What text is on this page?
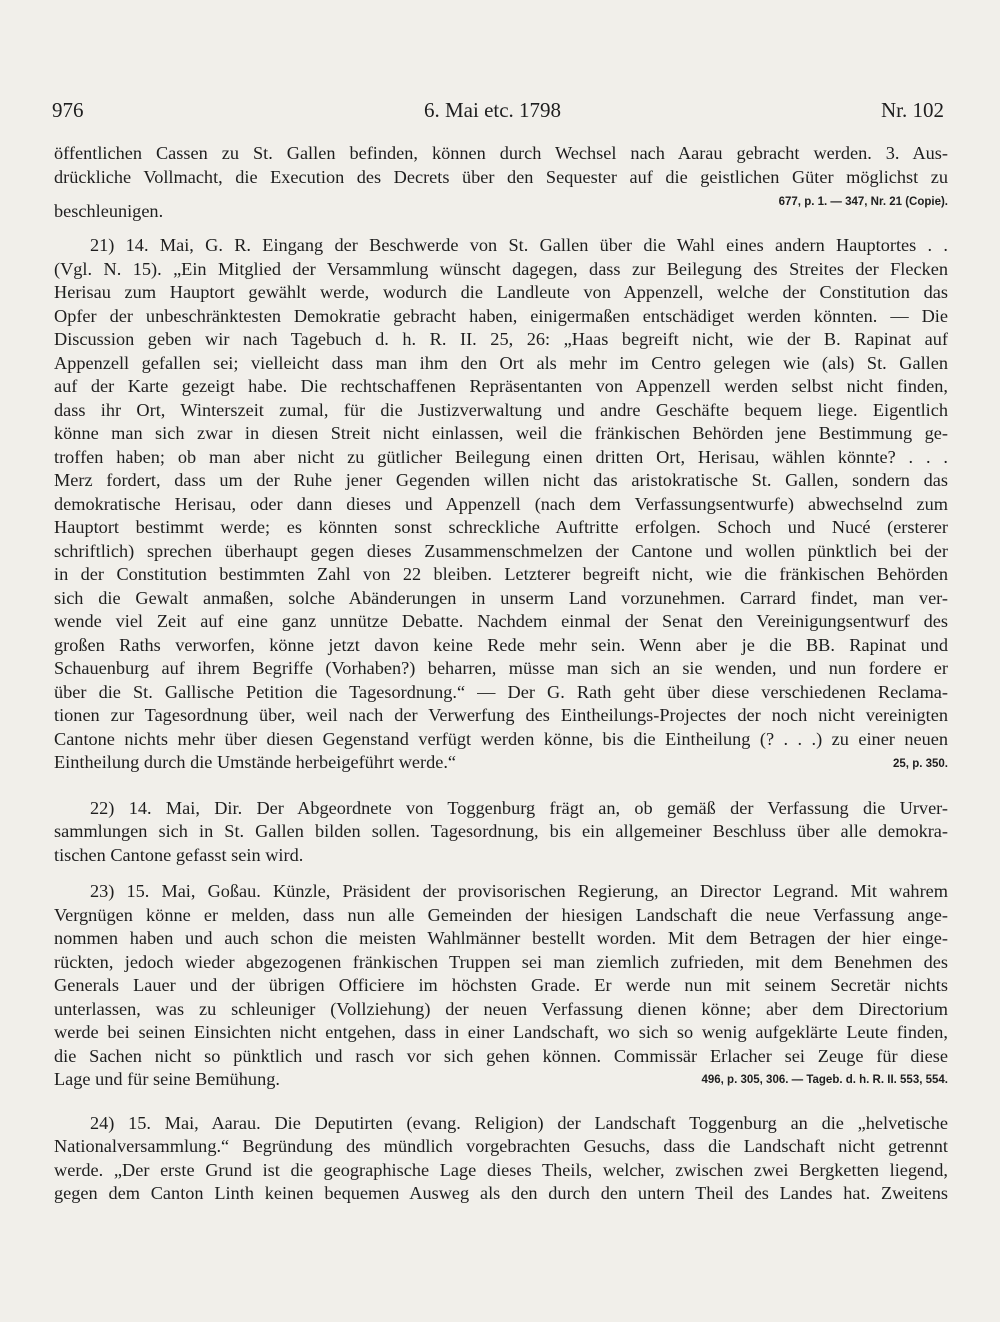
976	6. Mai etc. 1798	Nr. 102
öffentlichen Cassen zu St. Gallen befinden, können durch Wechsel nach Aarau gebracht werden. 3. Aus-
drückliche Vollmacht, die Execution des Decrets über den Sequester auf die geistlichen Güter möglichst zu
beschleunigen.	677, p. 1. — 347, Nr. 21 (Copie).
21) 14. Mai, G. R. Eingang der Beschwerde von St. Gallen über die Wahl eines andern Hauptortes . .
(Vgl. N. 15). „Ein Mitglied der Versammlung wünscht dagegen, dass zur Beilegung des Streites der Flecken
Herisau zum Hauptort gewählt werde, wodurch die Landleute von Appenzell, welche der Constitution das
Opfer der unbeschränktesten Demokratie gebracht haben, einigermaßen entschädiget werden könnten. — Die
Discussion geben wir nach Tagebuch d. h. R. II. 25, 26: „Haas begreift nicht, wie der B. Rapinat auf
Appenzell gefallen sei; vielleicht dass man ihm den Ort als mehr im Centro gelegen wie (als) St. Gallen
auf der Karte gezeigt habe. Die rechtschaffenen Repräsentanten von Appenzell werden selbst nicht finden,
dass ihr Ort, Winterszeit zumal, für die Justizverwaltung und andre Geschäfte bequem liege. Eigentlich
könne man sich zwar in diesen Streit nicht einlassen, weil die fränkischen Behörden jene Bestimmung ge-
troffen haben; ob man aber nicht zu gütlicher Beilegung einen dritten Ort, Herisau, wählen könnte? . . .
Merz fordert, dass um der Ruhe jener Gegenden willen nicht das aristokratische St. Gallen, sondern das
demokratische Herisau, oder dann dieses und Appenzell (nach dem Verfassungsentwurfe) abwechselnd zum
Hauptort bestimmt werde; es könnten sonst schreckliche Auftritte erfolgen. Schoch und Nucé (ersterer
schriftlich) sprechen überhaupt gegen dieses Zusammenschmelzen der Cantone und wollen pünktlich bei der
in der Constitution bestimmten Zahl von 22 bleiben. Letzterer begreift nicht, wie die fränkischen Behörden
sich die Gewalt anmaßen, solche Abänderungen in unserm Land vorzunehmen. Carrard findet, man ver-
wende viel Zeit auf eine ganz unnütze Debatte. Nachdem einmal der Senat den Vereinigungsentwurf des
großen Raths verworfen, könne jetzt davon keine Rede mehr sein. Wenn aber je die BB. Rapinat und
Schauenburg auf ihrem Begriffe (Vorhaben?) beharren, müsse man sich an sie wenden, und nun fordere er
über die St. Gallische Petition die Tagesordnung.“ — Der G. Rath geht über diese verschiedenen Reclama-
tionen zur Tagesordnung über, weil nach der Verwerfung des Eintheilungs-Projectes der noch nicht vereinigten
Cantone nichts mehr über diesen Gegenstand verfügt werden könne, bis die Eintheilung (? . . .) zu einer neuen
Eintheilung durch die Umstände herbeigeführt werde.“	25, p. 350.
22) 14. Mai, Dir. Der Abgeordnete von Toggenburg frägt an, ob gemäß der Verfassung die Urver-
sammlungen sich in St. Gallen bilden sollen. Tagesordnung, bis ein allgemeiner Beschluss über alle demokra-
tischen Cantone gefasst sein wird.
23) 15. Mai, Goßau. Künzle, Präsident der provisorischen Regierung, an Director Legrand. Mit wahrem
Vergnügen könne er melden, dass nun alle Gemeinden der hiesigen Landschaft die neue Verfassung ange-
nommen haben und auch schon die meisten Wahlmänner bestellt worden. Mit dem Betragen der hier einge-
rückten, jedoch wieder abgezogenen fränkischen Truppen sei man ziemlich zufrieden, mit dem Benehmen des
Generals Lauer und der übrigen Officiere im höchsten Grade. Er werde nun mit seinem Secretär nichts
unterlassen, was zu schleuniger (Vollziehung) der neuen Verfassung dienen könne; aber dem Directorium
werde bei seinen Einsichten nicht entgehen, dass in einer Landschaft, wo sich so wenig aufgeklärte Leute finden,
die Sachen nicht so pünktlich und rasch vor sich gehen können. Commissär Erlacher sei Zeuge für diese
Lage und für seine Bemühung.	496, p. 305, 306. — Tageb. d. h. R. II. 553, 554.
24) 15. Mai, Aarau. Die Deputirten (evang. Religion) der Landschaft Toggenburg an die „helvetische
Nationalversammlung.“ Begründung des mündlich vorgebrachten Gesuchs, dass die Landschaft nicht getrennt
werde. „Der erste Grund ist die geographische Lage dieses Theils, welcher, zwischen zwei Bergketten liegend,
gegen dem Canton Linth keinen bequemen Ausweg als den durch den untern Theil des Landes hat. Zweitens
